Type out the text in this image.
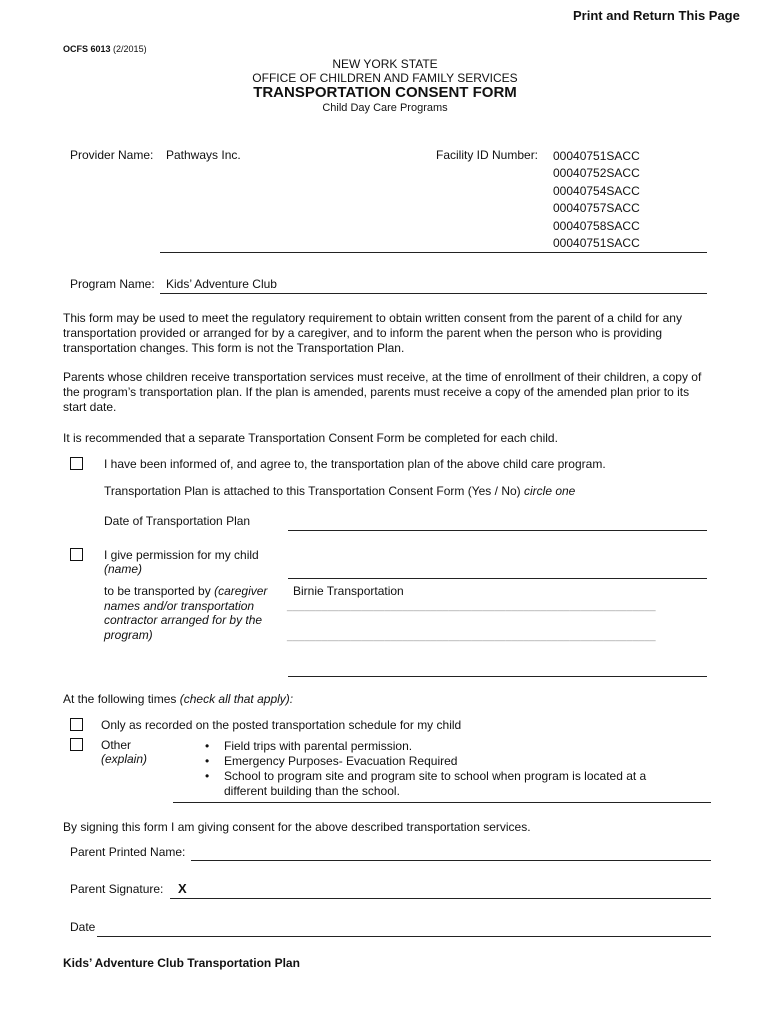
Print and Return This Page
OCFS 6013 (2/2015)
NEW YORK STATE
OFFICE OF CHILDREN AND FAMILY SERVICES
TRANSPORTATION CONSENT FORM
Child Day Care Programs
Provider Name: Pathways Inc.	Facility ID Number: 00040751SACC
00040752SACC
00040754SACC
00040757SACC
00040758SACC
00040751SACC
Program Name: Kids’ Adventure Club
This form may be used to meet the regulatory requirement to obtain written consent from the parent of a child for any transportation provided or arranged for by a caregiver, and to inform the parent when the person who is providing transportation changes. This form is not the Transportation Plan.
Parents whose children receive transportation services must receive, at the time of enrollment of their children, a copy of the program’s transportation plan. If the plan is amended, parents must receive a copy of the amended plan prior to its start date.
It is recommended that a separate Transportation Consent Form be completed for each child.
I have been informed of, and agree to, the transportation plan of the above child care program.
Transportation Plan is attached to this Transportation Consent Form (Yes / No) circle one
Date of Transportation Plan
I give permission for my child
(name)
to be transported by (caregiver
names and/or transportation
contractor arranged for by the
program)
Birnie Transportation
________________________________________________________________
________________________________________________________________
At the following times (check all that apply):
Only as recorded on the posted transportation schedule for my child
Other
(explain)
• Field trips with parental permission.
• Emergency Purposes- Evacuation Required
• School to program site and program site to school when program is located at a different building than the school.
By signing this form I am giving consent for the above described transportation services.
Parent Printed Name:
Parent Signature: X
Date
Kids’ Adventure Club Transportation Plan
